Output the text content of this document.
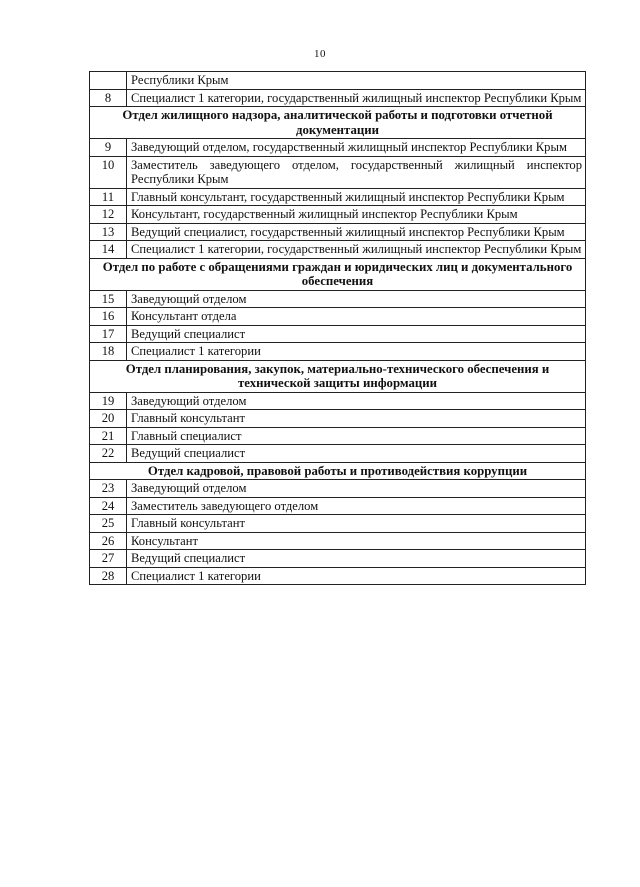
10
	Республики Крым
8	Специалист 1 категории, государственный жилищный инспектор Республики Крым
Отдел жилищного надзора, аналитической работы и подготовки отчетной документации	
9	Заведующий отделом, государственный жилищный инспектор Республики Крым
10	Заместитель заведующего отделом, государственный жилищный инспектор Республики Крым
11	Главный консультант, государственный жилищный инспектор Республики Крым
12	Консультант, государственный жилищный инспектор Республики Крым
13	Ведущий специалист, государственный жилищный инспектор Республики Крым
14	Специалист 1 категории, государственный жилищный инспектор Республики Крым
Отдел по работе с обращениями граждан и юридических лиц и документального обеспечения	
15	Заведующий отделом
16	Консультант отдела
17	Ведущий специалист
18	Специалист 1 категории
Отдел планирования, закупок, материально-технического обеспечения и технической защиты информации	
19	Заведующий отделом
20	Главный консультант
21	Главный специалист
22	Ведущий специалист
Отдел кадровой, правовой работы и противодействия коррупции	
23	Заведующий отделом
24	Заместитель заведующего отделом
25	Главный консультант
26	Консультант
27	Ведущий специалист
28	Специалист 1 категории
